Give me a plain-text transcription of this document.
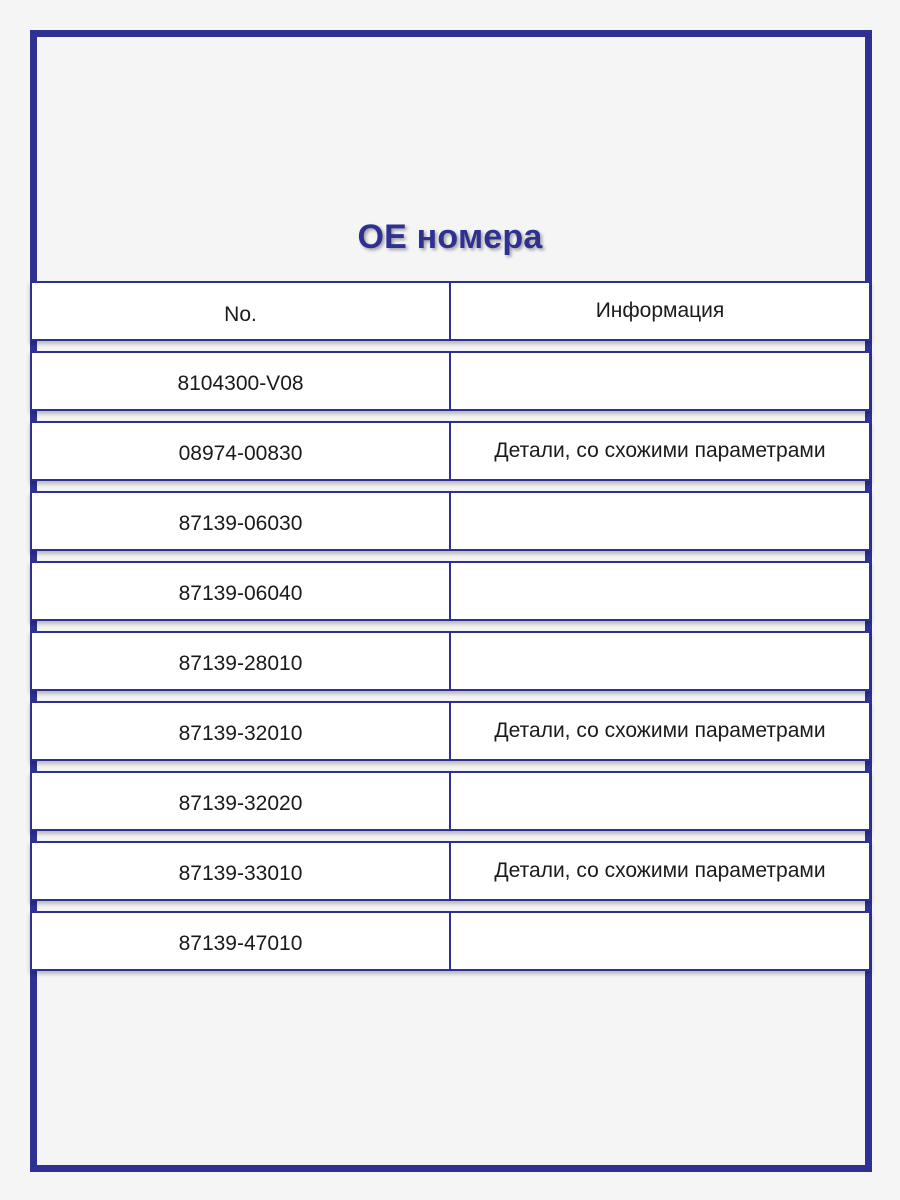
OE номера
No.	Информация
8104300-V08
08974-00830	Детали, со схожими параметрами
87139-06030
87139-06040
87139-28010
87139-32010	Детали, со схожими параметрами
87139-32020
87139-33010	Детали, со схожими параметрами
87139-47010
